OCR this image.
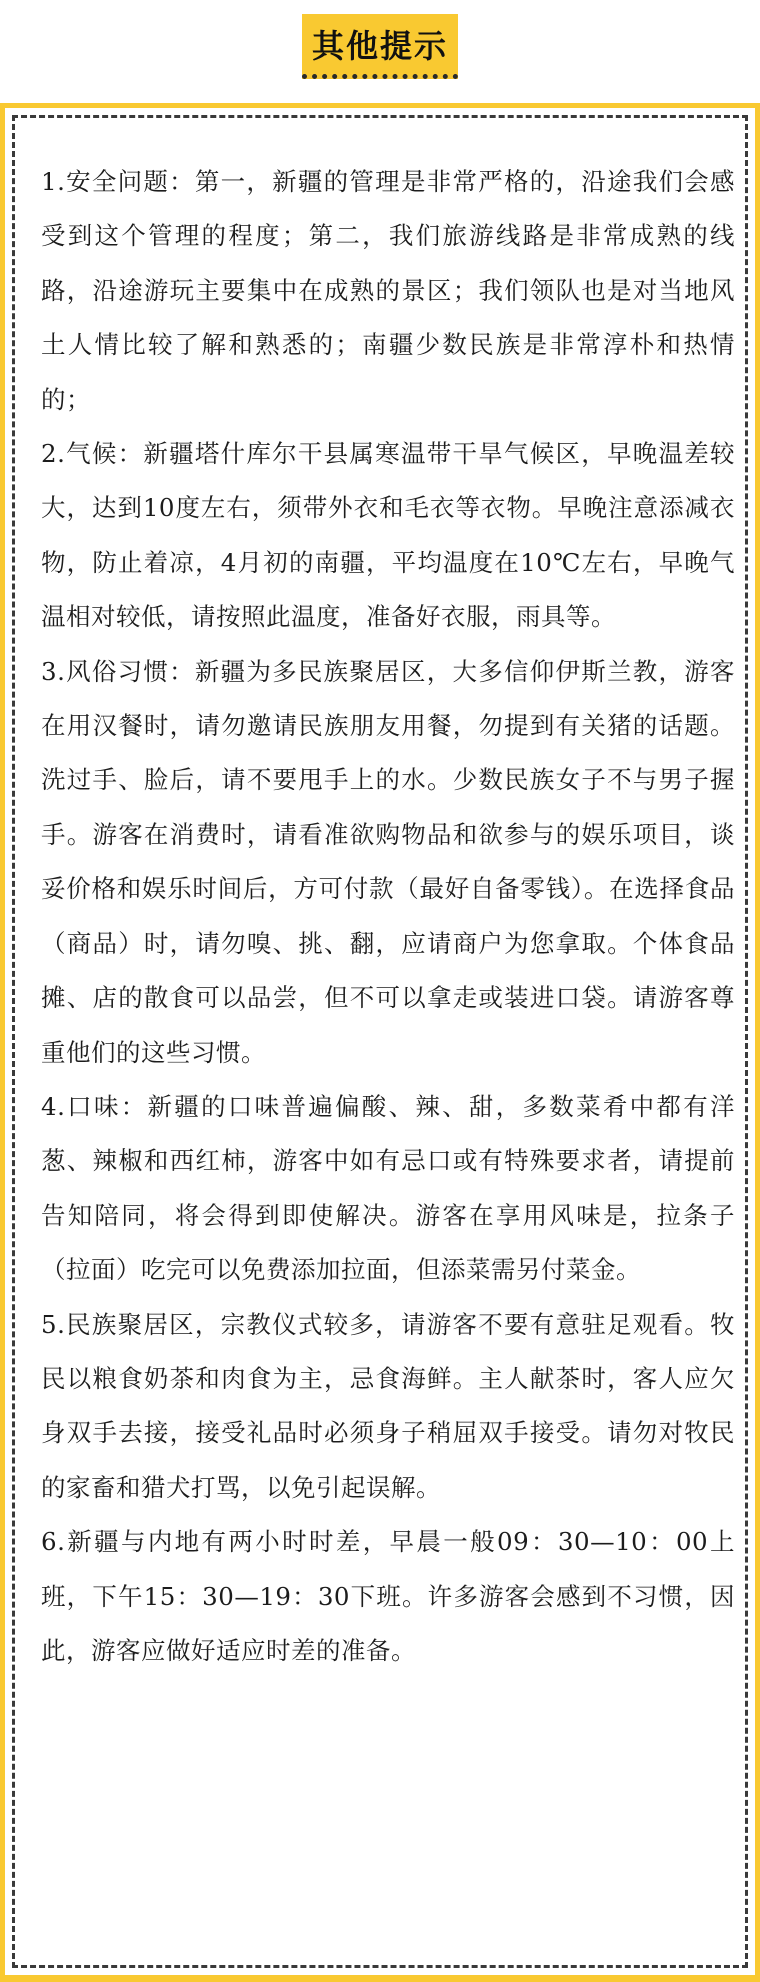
其他提示

1.安全问题：第一，新疆的管理是非常严格的，沿途我们会感受到这个管理的程度；第二，我们旅游线路是非常成熟的线路，沿途游玩主要集中在成熟的景区；我们领队也是对当地风土人情比较了解和熟悉的；南疆少数民族是非常淳朴和热情的；

2.气候：新疆塔什库尔干县属寒温带干旱气候区，早晚温差较大，达到10度左右，须带外衣和毛衣等衣物。早晚注意添减衣物，防止着凉，4月初的南疆，平均温度在10℃左右，早晚气温相对较低，请按照此温度，准备好衣服，雨具等。

3.风俗习惯：新疆为多民族聚居区，大多信仰伊斯兰教，游客在用汉餐时，请勿邀请民族朋友用餐，勿提到有关猪的话题。洗过手、脸后，请不要甩手上的水。少数民族女子不与男子握手。游客在消费时，请看准欲购物品和欲参与的娱乐项目，谈妥价格和娱乐时间后，方可付款（最好自备零钱）。在选择食品（商品）时，请勿嗅、挑、翻，应请商户为您拿取。个体食品摊、店的散食可以品尝，但不可以拿走或装进口袋。请游客尊重他们的这些习惯。

4.口味：新疆的口味普遍偏酸、辣、甜，多数菜肴中都有洋葱、辣椒和西红柿，游客中如有忌口或有特殊要求者，请提前告知陪同，将会得到即使解决。游客在享用风味是，拉条子（拉面）吃完可以免费添加拉面，但添菜需另付菜金。

5.民族聚居区，宗教仪式较多，请游客不要有意驻足观看。牧民以粮食奶茶和肉食为主，忌食海鲜。主人献茶时，客人应欠身双手去接，接受礼品时必须身子稍屈双手接受。请勿对牧民的家畜和猎犬打骂，以免引起误解。

6.新疆与内地有两小时时差，早晨一般09：30—10：00上班，下午15：30—19：30下班。许多游客会感到不习惯，因此，游客应做好适应时差的准备。
